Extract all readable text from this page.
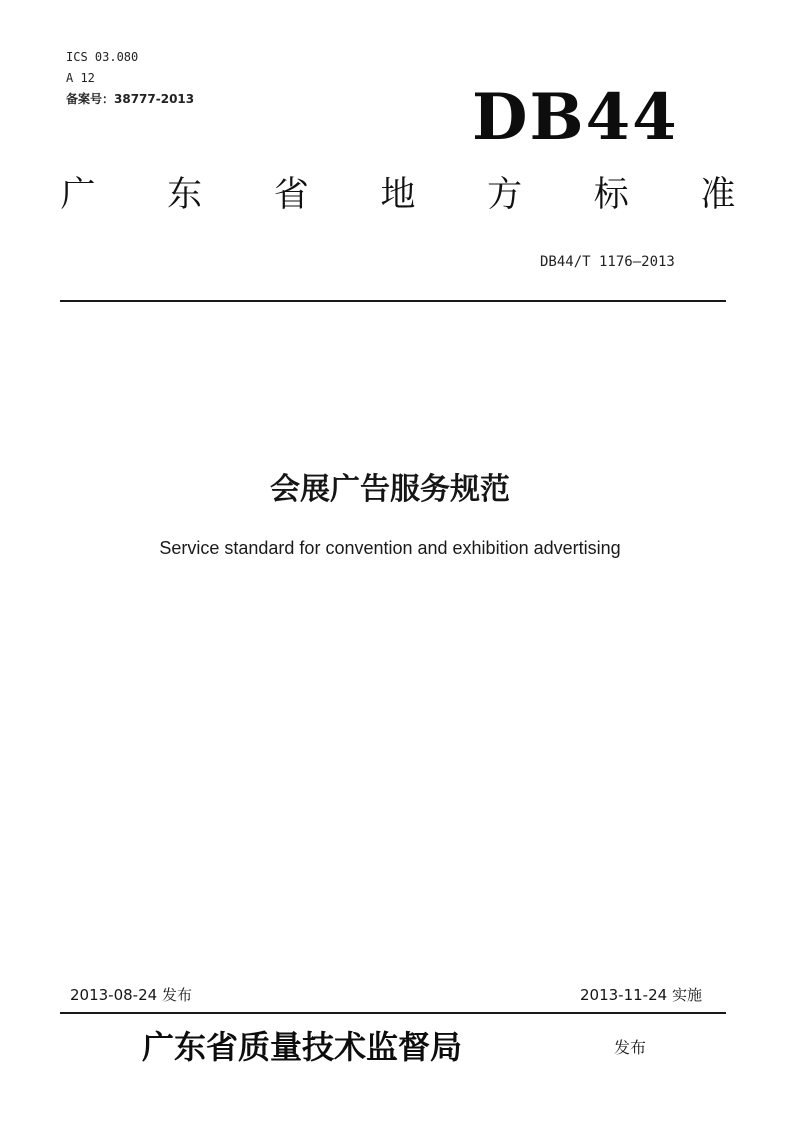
ICS 03.080
A 12
备案号：38777-2013	DB44
广 东 省 地 方 标 准
DB44/T 1176—2013
会展广告服务规范
Service standard for convention and exhibition advertising
2013-08-24 发布	2013-11-24 实施
广东省质量技术监督局	发布
